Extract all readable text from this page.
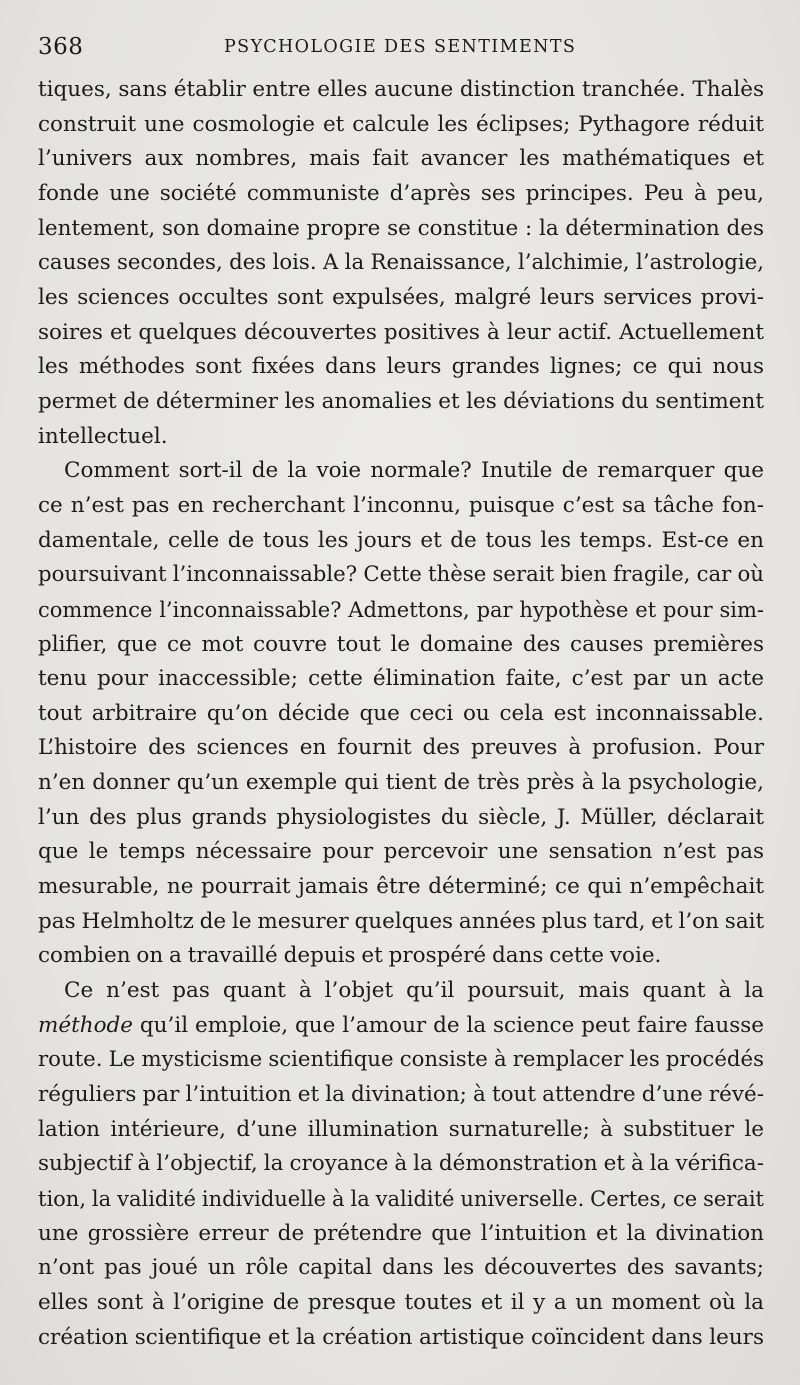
368	PSYCHOLOGIE DES SENTIMENTS
tiques, sans établir entre elles aucune distinction tranchée. Thalès
construit une cosmologie et calcule les éclipses; Pythagore réduit
l’univers aux nombres, mais fait avancer les mathématiques et
fonde une société communiste d’après ses principes. Peu à peu,
lentement, son domaine propre se constitue : la détermination des
causes secondes, des lois. A la Renaissance, l’alchimie, l’astrologie,
les sciences occultes sont expulsées, malgré leurs services provi-
soires et quelques découvertes positives à leur actif. Actuellement
les méthodes sont fixées dans leurs grandes lignes; ce qui nous
permet de déterminer les anomalies et les déviations du sentiment
intellectuel.
Comment sort-il de la voie normale? Inutile de remarquer que
ce n’est pas en recherchant l’inconnu, puisque c’est sa tâche fon-
damentale, celle de tous les jours et de tous les temps. Est-ce en
poursuivant l’inconnaissable? Cette thèse serait bien fragile, car où
commence l’inconnaissable? Admettons, par hypothèse et pour sim-
plifier, que ce mot couvre tout le domaine des causes premières
tenu pour inaccessible; cette élimination faite, c’est par un acte
tout arbitraire qu’on décide que ceci ou cela est inconnaissable.
L’histoire des sciences en fournit des preuves à profusion. Pour
n’en donner qu’un exemple qui tient de très près à la psychologie,
l’un des plus grands physiologistes du siècle, J. Müller, déclarait
que le temps nécessaire pour percevoir une sensation n’est pas
mesurable, ne pourrait jamais être déterminé; ce qui n’empêchait
pas Helmholtz de le mesurer quelques années plus tard, et l’on sait
combien on a travaillé depuis et prospéré dans cette voie.
Ce n’est pas quant à l’objet qu’il poursuit, mais quant à la
méthode qu’il emploie, que l’amour de la science peut faire fausse
route. Le mysticisme scientifique consiste à remplacer les procédés
réguliers par l’intuition et la divination; à tout attendre d’une révé-
lation intérieure, d’une illumination surnaturelle; à substituer le
subjectif à l’objectif, la croyance à la démonstration et à la vérifica-
tion, la validité individuelle à la validité universelle. Certes, ce serait
une grossière erreur de prétendre que l’intuition et la divination
n’ont pas joué un rôle capital dans les découvertes des savants;
elles sont à l’origine de presque toutes et il y a un moment où la
création scientifique et la création artistique coïncident dans leurs
